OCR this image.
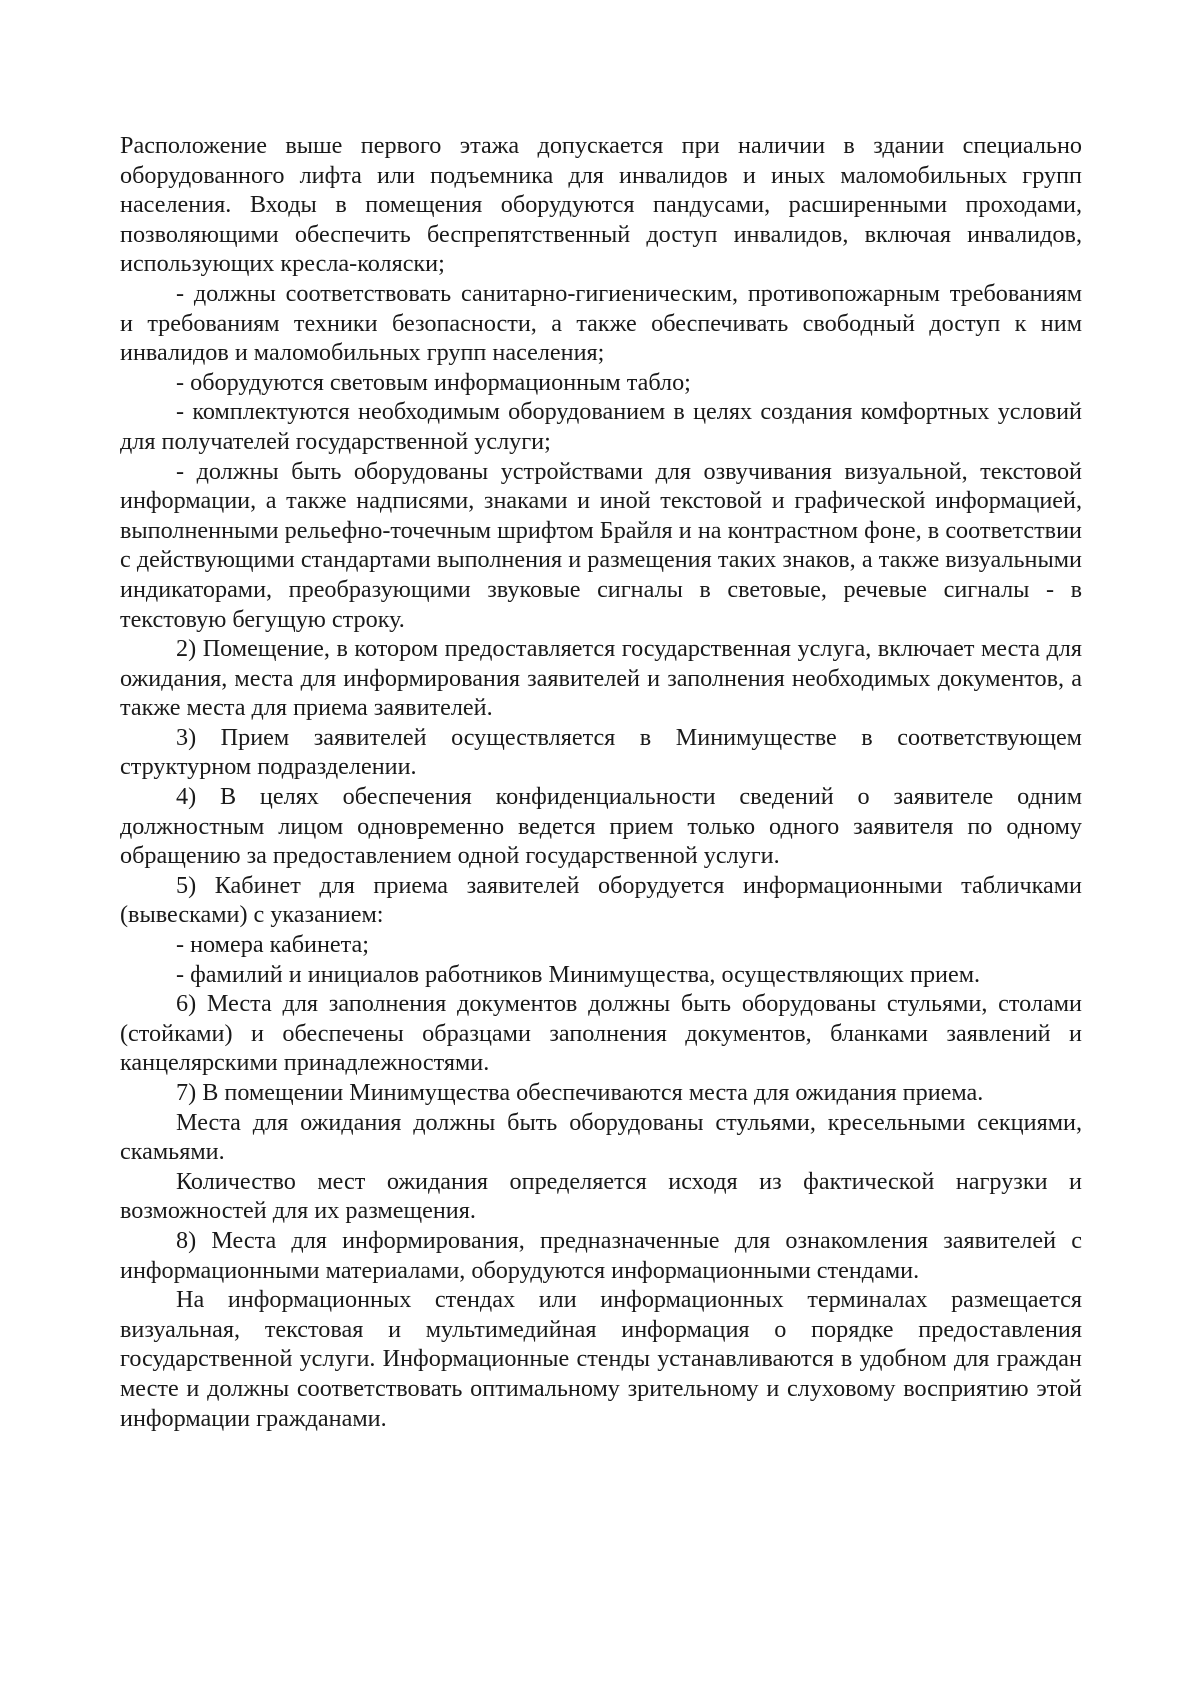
Расположение выше первого этажа допускается при наличии в здании специально оборудованного лифта или подъемника для инвалидов и иных маломобильных групп населения. Входы в помещения оборудуются пандусами, расширенными проходами, позволяющими обеспечить беспрепятственный доступ инвалидов, включая инвалидов, использующих кресла-коляски;

- должны соответствовать санитарно-гигиеническим, противопожарным требованиям и требованиям техники безопасности, а также обеспечивать свободный доступ к ним инвалидов и маломобильных групп населения;

- оборудуются световым информационным табло;

- комплектуются необходимым оборудованием в целях создания комфортных условий для получателей государственной услуги;

- должны быть оборудованы устройствами для озвучивания визуальной, текстовой информации, а также надписями, знаками и иной текстовой и графической информацией, выполненными рельефно-точечным шрифтом Брайля и на контрастном фоне, в соответствии с действующими стандартами выполнения и размещения таких знаков, а также визуальными индикаторами, преобразующими звуковые сигналы в световые, речевые сигналы - в текстовую бегущую строку.

2) Помещение, в котором предоставляется государственная услуга, включает места для ожидания, места для информирования заявителей и заполнения необходимых документов, а также места для приема заявителей.

3) Прием заявителей осуществляется в Минимуществе в соответствующем структурном подразделении.

4) В целях обеспечения конфиденциальности сведений о заявителе одним должностным лицом одновременно ведется прием только одного заявителя по одному обращению за предоставлением одной государственной услуги.

5) Кабинет для приема заявителей оборудуется информационными табличками (вывесками) с указанием:

- номера кабинета;

- фамилий и инициалов работников Минимущества, осуществляющих прием.

6) Места для заполнения документов должны быть оборудованы стульями, столами (стойками) и обеспечены образцами заполнения документов, бланками заявлений и канцелярскими принадлежностями.

7) В помещении Минимущества обеспечиваются места для ожидания приема.

Места для ожидания должны быть оборудованы стульями, кресельными секциями, скамьями.

Количество мест ожидания определяется исходя из фактической нагрузки и возможностей для их размещения.

8) Места для информирования, предназначенные для ознакомления заявителей с информационными материалами, оборудуются информационными стендами.

На информационных стендах или информационных терминалах размещается визуальная, текстовая и мультимедийная информация о порядке предоставления государственной услуги. Информационные стенды устанавливаются в удобном для граждан месте и должны соответствовать оптимальному зрительному и слуховому восприятию этой информации гражданами.
